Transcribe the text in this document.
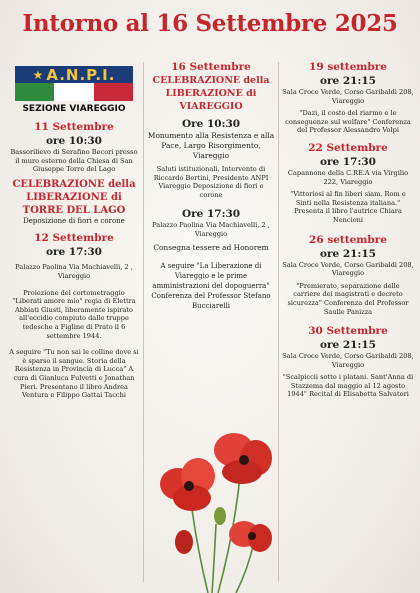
Intorno al 16 Settembre 2025
★ A.N.P.I.
SEZIONE VIAREGGIO
11 Settembre
ore 10:30
Bassorilievo di Serafino Becorі presso il muro esterno della Chiesa di San Giuseppe Torre del Lago
CELEBRAZIONE della LIBERAZIONE di TORRE DEL LAGO
Deposizione di fiori e corone
12 Settembre
ore 17:30
Palazzo Paolina Via Machiavelli, 2 , Viareggio
Proiezione del cortometraggio "Liberati amore mio" regia di Elettra Abbiati Giusti, liberamente ispirato all'eccidio compiuto dalle truppe tedesche a Figline di Prato il 6 settembre 1944.
A seguire "Tu non sai le colline dove si è sparso il sangue. Storia della Resistenza in Provincia di Lucca" A cura di Gianluca Fulvetti e Jonathan Pieri. Presentano il libro Andrea Ventura e Filippo Gattai Tacchi
16 Settembre
CELEBRAZIONE della LIBERAZIONE di VIAREGGIO
Ore 10:30
Monumento alla Resistenza e alla Pace, Largo Risorgimento, Viareggio
Saluti istituzionali. Intervento di Riccardo Bertini, Presidente ANPI Viareggio Deposizione di fiori e corone
Ore 17:30
Palazzo Paolina Via Machiavelli, 2 , Viareggio
Consegna tessere ad Honorem
A seguire "La Liberazione di Viareggio e le prime amministrazioni del dopoguerra" Conferenza del Professor Stefano Bucciarelli
19 settembre
ore 21:15
Sala Croce Verde, Corso Garibaldi 208, Viareggio
"Dazi, il costo del riarmo e le conseguenze sul welfare" Conferenza del Professor Alessandro Volpi
22 Settembre
ore 17:30
Capannone della C.RE.A via Virgilio 222, Viareggio
"Vittoriosi al fin liberi siam. Rom e Sinti nella Resistenza italiana." Presenta il libro l'autrice Chiara Nencioni
26 settembre
ore 21:15
Sala Croce Verde, Corso Garibaldi 208, Viareggio
"Premierato, separazione delle carriere dei magistrati e decreto sicurezza" Conferenza del Professor Saulle Panizza
30 Settembre
ore 21:15
Sala Croce Verde, Corso Garibaldi 208, Viareggio
"Scalpiccii sotto i platani. Sant'Anna di Stazzema dal maggio al 12 agosto 1944" Recital di Elisabetta Salvatori
